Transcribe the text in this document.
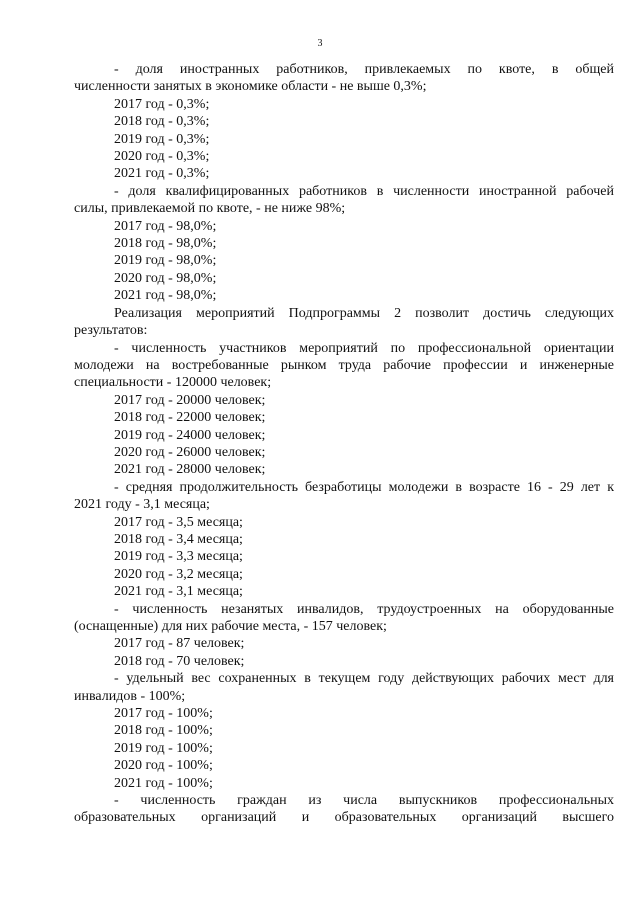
3
- доля иностранных работников, привлекаемых по квоте, в общей
численности занятых в экономике области - не выше 0,3%;
2017 год - 0,3%;
2018 год - 0,3%;
2019 год - 0,3%;
2020 год - 0,3%;
2021 год - 0,3%;
- доля квалифицированных работников в численности иностранной рабочей
силы, привлекаемой по квоте, - не ниже 98%;
2017 год - 98,0%;
2018 год - 98,0%;
2019 год - 98,0%;
2020 год - 98,0%;
2021 год - 98,0%;
Реализация мероприятий Подпрограммы 2 позволит достичь следующих
результатов:
- численность участников мероприятий по профессиональной ориентации
молодежи на востребованные рынком труда рабочие профессии и инженерные
специальности - 120000 человек;
2017 год - 20000 человек;
2018 год - 22000 человек;
2019 год - 24000 человек;
2020 год - 26000 человек;
2021 год - 28000 человек;
- средняя продолжительность безработицы молодежи в возрасте 16 - 29 лет к
2021 году - 3,1 месяца;
2017 год - 3,5 месяца;
2018 год - 3,4 месяца;
2019 год - 3,3 месяца;
2020 год - 3,2 месяца;
2021 год - 3,1 месяца;
- численность незанятых инвалидов, трудоустроенных на оборудованные
(оснащенные) для них рабочие места, - 157 человек;
2017 год - 87 человек;
2018 год - 70 человек;
- удельный вес сохраненных в текущем году действующих рабочих мест для
инвалидов - 100%;
2017 год - 100%;
2018 год - 100%;
2019 год - 100%;
2020 год - 100%;
2021 год - 100%;
- численность граждан из числа выпускников профессиональных
образовательных организаций и образовательных организаций высшего
